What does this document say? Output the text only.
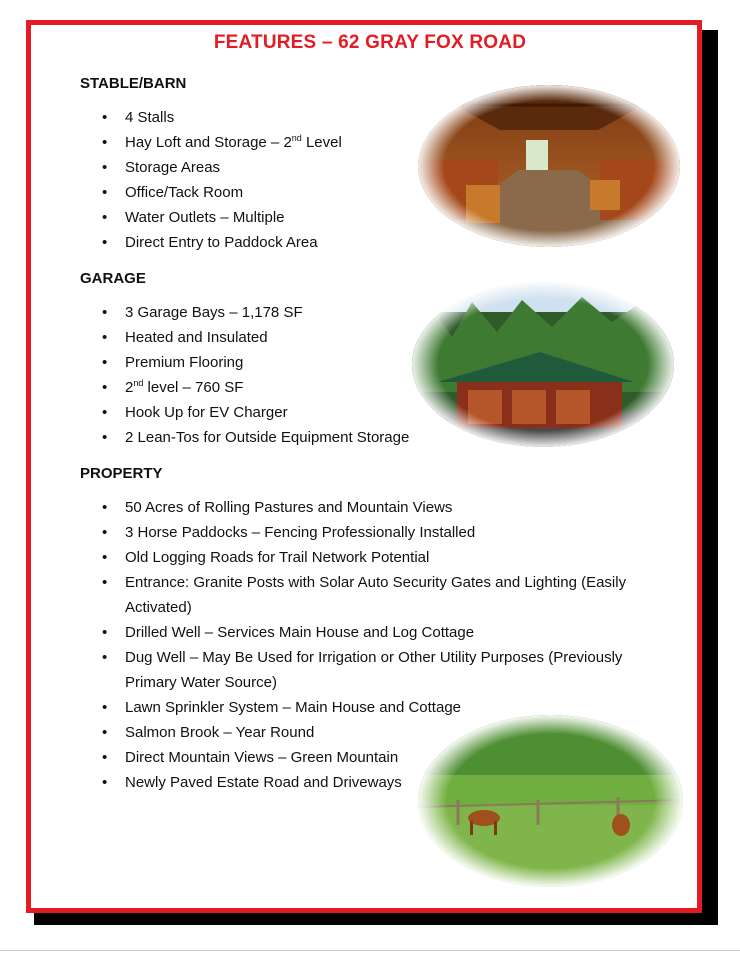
FEATURES – 62 GRAY FOX ROAD
STABLE/BARN
• 4 Stalls
• Hay Loft and Storage – 2nd Level
• Storage Areas
• Office/Tack Room
• Water Outlets – Multiple
• Direct Entry to Paddock Area
GARAGE
• 3 Garage Bays – 1,178 SF
• Heated and Insulated
• Premium Flooring
• 2nd level – 760 SF
• Hook Up for EV Charger
• 2 Lean-Tos for Outside Equipment Storage
PROPERTY
• 50 Acres of Rolling Pastures and Mountain Views
• 3 Horse Paddocks – Fencing Professionally Installed
• Old Logging Roads for Trail Network Potential
• Entrance: Granite Posts with Solar Auto Security Gates and Lighting (Easily Activated)
• Drilled Well – Services Main House and Log Cottage
• Dug Well – May Be Used for Irrigation or Other Utility Purposes (Previously Primary Water Source)
• Lawn Sprinkler System – Main House and Cottage
• Salmon Brook – Year Round
• Direct Mountain Views – Green Mountain
• Newly Paved Estate Road and Driveways
